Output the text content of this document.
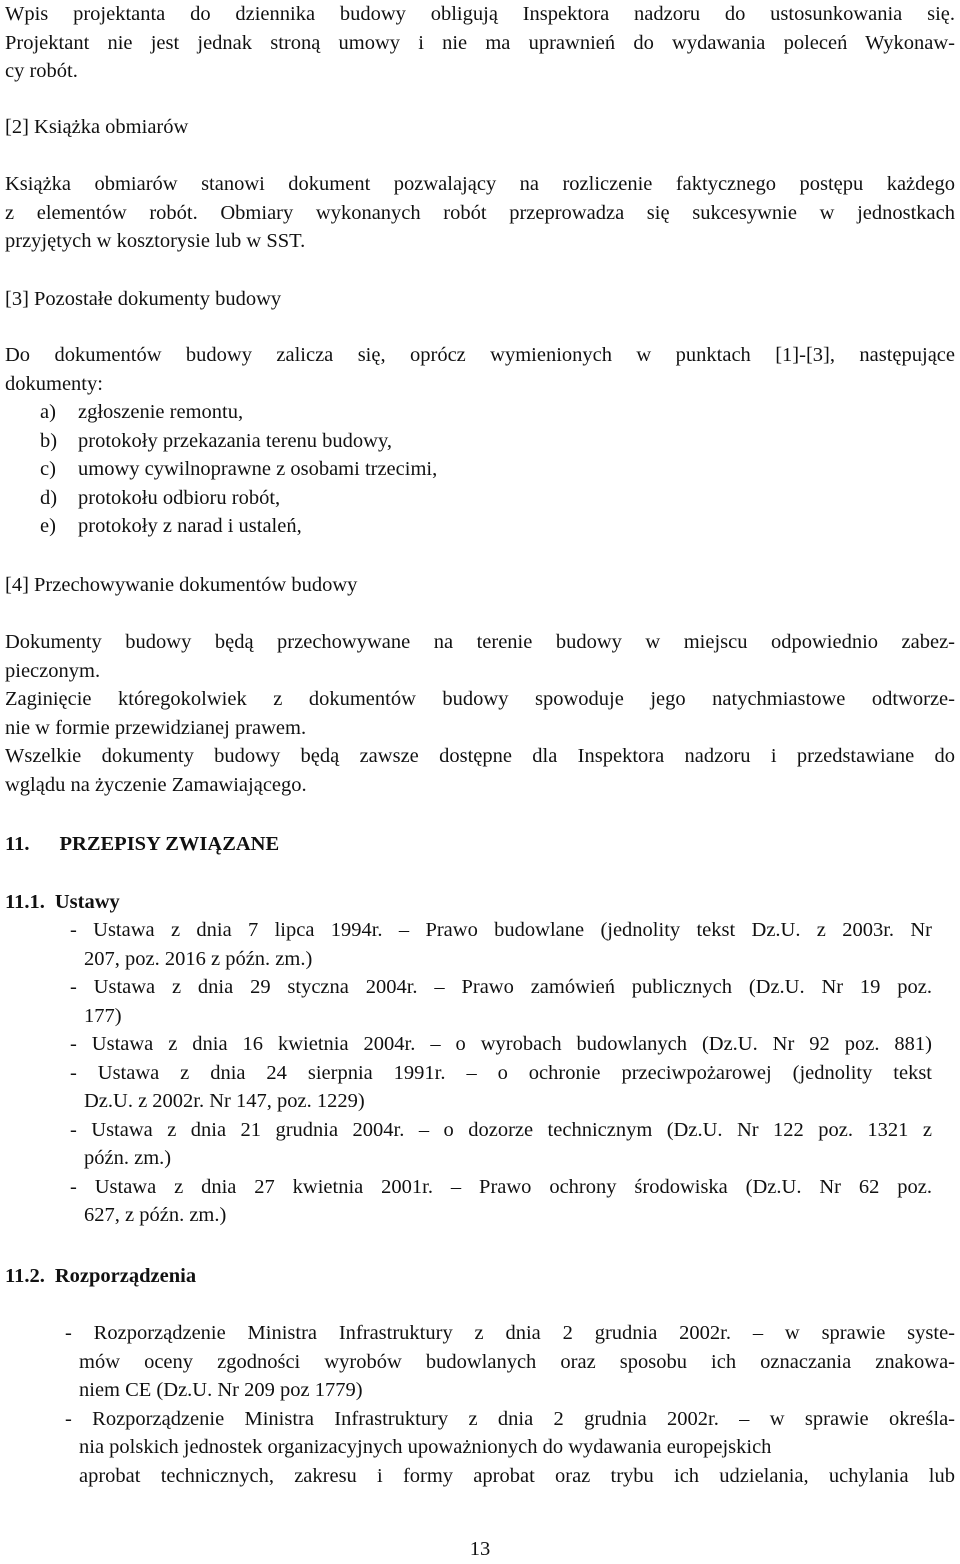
Wpis projektanta do dziennika budowy obligują Inspektora nadzoru do ustosunkowania się.
Projektant nie jest jednak stroną umowy i nie ma uprawnień do wydawania poleceń Wykonaw-
cy robót.
[2] Książka obmiarów
Książka obmiarów stanowi dokument pozwalający na rozliczenie faktycznego postępu każdego
z elementów robót. Obmiary wykonanych robót przeprowadza się sukcesywnie w jednostkach
przyjętych w kosztorysie lub w SST.
[3] Pozostałe dokumenty budowy
Do dokumentów budowy zalicza się, oprócz wymienionych w punktach [1]-[3], następujące
dokumenty:
a) zgłoszenie remontu,
b) protokoły przekazania terenu budowy,
c) umowy cywilnoprawne z osobami trzecimi,
d) protokołu odbioru robót,
e) protokoły z narad i ustaleń,
[4] Przechowywanie dokumentów budowy
Dokumenty budowy będą przechowywane na terenie budowy w miejscu odpowiednio zabez-
pieczonym.
Zaginięcie któregokolwiek z dokumentów budowy spowoduje jego natychmiastowe odtworze-
nie w formie przewidzianej prawem.
Wszelkie dokumenty budowy będą zawsze dostępne dla Inspektora nadzoru i przedstawiane do
wglądu na życzenie Zamawiającego.
11. PRZEPISY ZWIĄZANE
11.1. Ustawy
- Ustawa z dnia 7 lipca 1994r. – Prawo budowlane (jednolity tekst Dz.U. z 2003r. Nr
207, poz. 2016 z późn. zm.)
- Ustawa z dnia 29 styczna 2004r. – Prawo zamówień publicznych (Dz.U. Nr 19 poz.
177)
- Ustawa z dnia 16 kwietnia 2004r. – o wyrobach budowlanych (Dz.U. Nr 92 poz. 881)
- Ustawa z dnia 24 sierpnia 1991r. – o ochronie przeciwpożarowej (jednolity tekst
Dz.U. z 2002r. Nr 147, poz. 1229)
- Ustawa z dnia 21 grudnia 2004r. – o dozorze technicznym (Dz.U. Nr 122 poz. 1321 z
późn. zm.)
- Ustawa z dnia 27 kwietnia 2001r. – Prawo ochrony środowiska (Dz.U. Nr 62 poz.
627, z późn. zm.)
11.2. Rozporządzenia
- Rozporządzenie Ministra Infrastruktury z dnia 2 grudnia 2002r. – w sprawie syste-
mów oceny zgodności wyrobów budowlanych oraz sposobu ich oznaczania znakowa-
niem CE (Dz.U. Nr 209 poz 1779)
- Rozporządzenie Ministra Infrastruktury z dnia 2 grudnia 2002r. – w sprawie określa-
nia polskich jednostek organizacyjnych upoważnionych do wydawania europejskich
aprobat technicznych, zakresu i formy aprobat oraz trybu ich udzielania, uchylania lub
13
